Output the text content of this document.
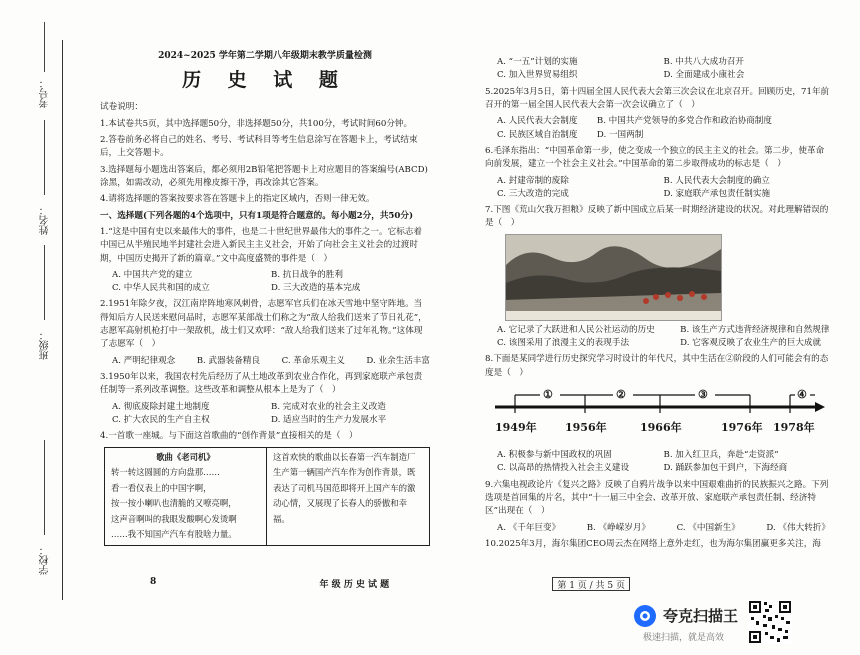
学校：
班级：
姓名：
考号：
2024~2025 学年第二学期八年级期末教学质量检测
历 史 试 题
试卷说明：
1.本试卷共5页，其中选择题50分，非选择题50分，共100分，考试时间60分钟。
2.答卷前务必将自己的姓名、考号、考试科目等考生信息涂写在答题卡上，考试结束后，上交答题卡。
3.选择题每小题选出答案后，都必须用2B铅笔把答题卡上对应题目的答案编号(ABCD)涂黑，如需改动，必须先用橡皮擦干净，再改涂其它答案。
4.请将选择题的答案按要求答在答题卡上的指定区域内，否则一律无效。
一、选择题(下列各题的4个选项中，只有1项是符合题意的。每小题2分，共50分)
1.“这是中国有史以来最伟大的事件，也是二十世纪世界最伟大的事件之一。它标志着中国已从半殖民地半封建社会进入新民主主义社会，开始了向社会主义社会的过渡时期，中国历史揭开了新的篇章。”文中高度盛赞的事件是（　）
A. 中国共产党的建立	B. 抗日战争的胜利
C. 中华人民共和国的成立	D. 三大改造的基本完成
2.1951年除夕夜，汉江南岸阵地寒风刺骨，志愿军官兵们在冰天雪地中坚守阵地。当得知后方人民送来慰问品时，志愿军某部战士们称之为“敌人给我们送来了节日礼花”，志愿军高射机枪打中一架敌机，战士们又欢呼：“敌人给我们送来了过年礼物。”这体现了志愿军（　）
A. 严明纪律观念	B. 武器装备精良	C. 革命乐观主义	D. 业余生活丰富
3.1950年以来，我国农村先后经历了从土地改革到农业合作化，再到家庭联产承包责任制等一系列改革调整。这些改革和调整从根本上是为了（　）
A. 彻底废除封建土地制度	B. 完成对农业的社会主义改造
C. 扩大农民的生产自主权	D. 适应当时的生产力发展水平
4.一首歌一座城。与下面这首歌曲的“创作背景”直接相关的是（　）
歌曲《老司机》
转一转这圆圆的方向盘那……
看一看仪表上的中国字啊，
按一按小喇叭也清脆的又嘹亮啊，
这声音啊叫的我眼发酸啊心发烫啊
……我不知国产汽车有股啥力量。
这首欢快的歌曲以长春第一汽车制造厂生产第一辆国产汽车作为创作背景，既表达了司机马国范即将开上国产车的激动心情，又展现了长春人的骄傲和幸福。
A. “一五”计划的实施	B. 中共八大成功召开
C. 加入世界贸易组织	D. 全面建成小康社会
5.2025年3月5日，第十四届全国人民代表大会第三次会议在北京召开。回顾历史，71年前召开的第一届全国人民代表大会第一次会议确立了（　）
A. 人民代表大会制度	B. 中国共产党领导的多党合作和政治协商制度
C. 民族区域自治制度	D. 一国两制
6.毛泽东指出：“中国革命第一步，使之变成一个独立的民主主义的社会。第二步，使革命向前发展，建立一个社会主义社会。”中国革命的第二步取得成功的标志是（　）
A. 封建帝制的废除	B. 人民代表大会制度的确立
C. 三大改造的完成	D. 家庭联产承包责任制实施
7.下图《荒山欠我万担粮》反映了新中国成立后某一时期经济建设的状况。对此理解错误的是（　）
A. 它记录了大跃进和人民公社运动的历史	B. 该生产方式违背经济规律和自然规律
C. 该图采用了浪漫主义的表现手法	D. 它客观反映了农业生产的巨大成就
8.下面是某同学进行历史探究学习时设计的年代尺，其中生活在②阶段的人们可能会有的态度是（　）
①	②	③	④
1949年	1956年	1966年	1976年 1978年
A. 积极参与新中国政权的巩固	B. 加入红卫兵，奔赴“走资派”
C. 以高昂的热情投入社会主义建设	D. 踊跃参加包干到户，下海经商
9.六集电视政论片《复兴之路》反映了自鸦片战争以来中国艰难曲折的民族振兴之路。下列选项是首回集的片名，其中“十一届三中全会、改革开放、家庭联产承包责任制、经济特区”出现在（　）
A. 《千年巨变》	B. 《峥嵘岁月》	C. 《中国新生》	D. 《伟大转折》
10.2025年3月，海尔集团CEO周云杰在网络上意外走红，也为海尔集团赢更多关注，海
8	年 级 历 史 试 题	第 1 页 / 共 5 页
夸克扫描王
极速扫描，就是高效
